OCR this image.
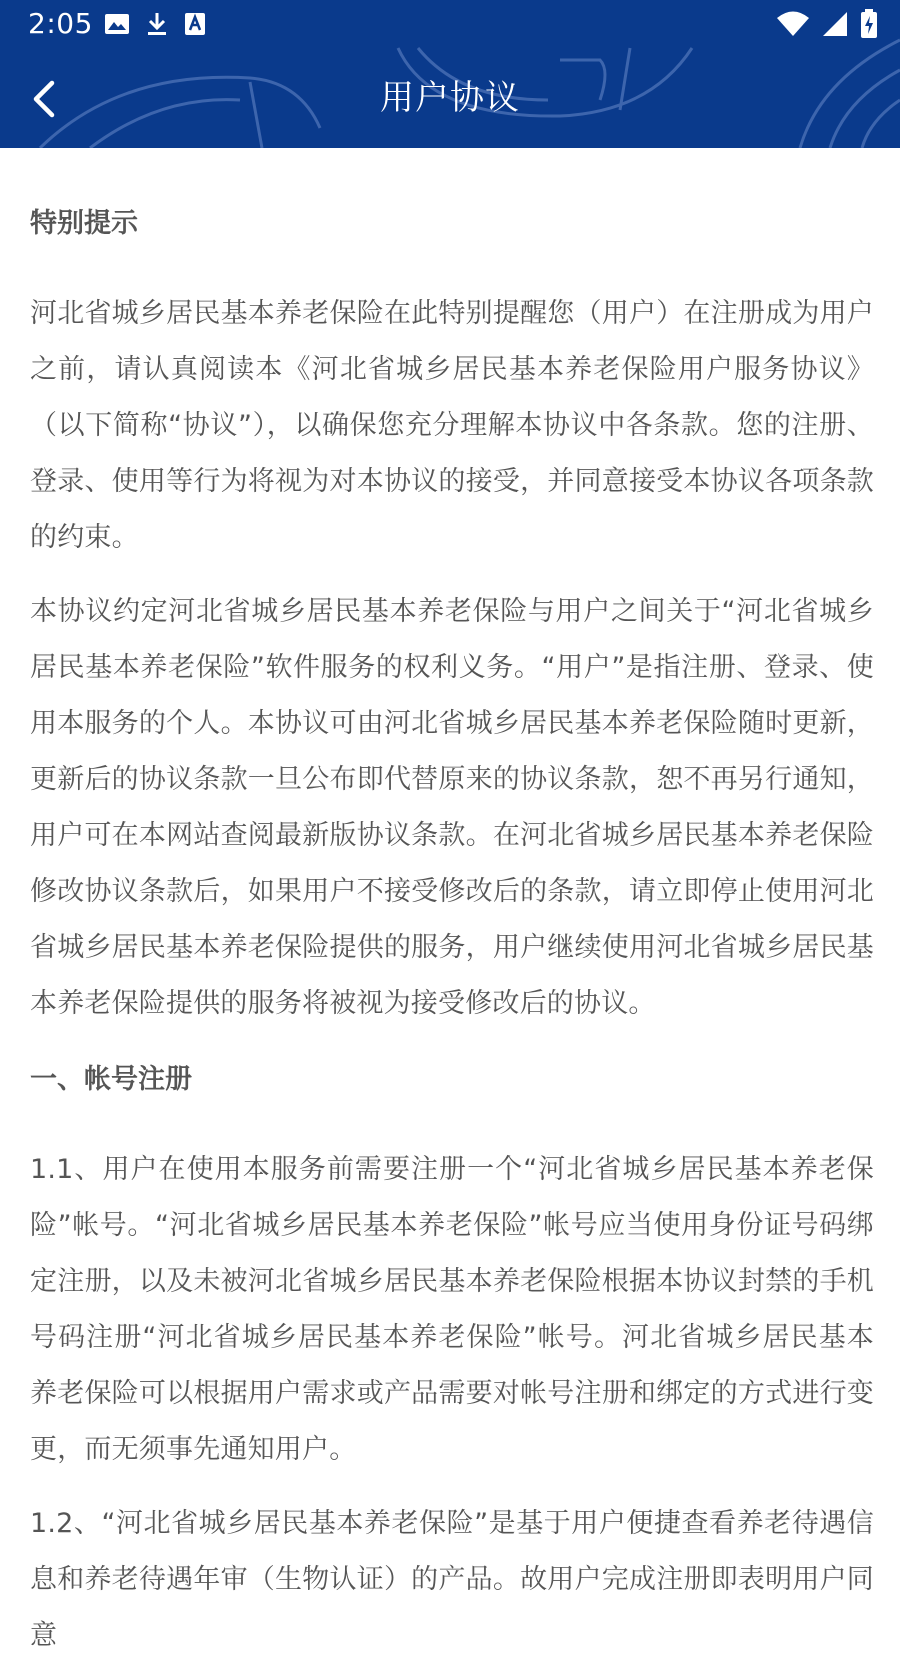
2:05
用户协议
特别提示

河北省城乡居民基本养老保险在此特别提醒您（用户）在注册成为用户之前，请认真阅读本《河北省城乡居民基本养老保险用户服务协议》（以下简称“协议”），以确保您充分理解本协议中各条款。您的注册、登录、使用等行为将视为对本协议的接受，并同意接受本协议各项条款的约束。

本协议约定河北省城乡居民基本养老保险与用户之间关于“河北省城乡居民基本养老保险”软件服务的权利义务。“用户”是指注册、登录、使用本服务的个人。本协议可由河北省城乡居民基本养老保险随时更新，更新后的协议条款一旦公布即代替原来的协议条款，恕不再另行通知，用户可在本网站查阅最新版协议条款。在河北省城乡居民基本养老保险修改协议条款后，如果用户不接受修改后的条款，请立即停止使用河北省城乡居民基本养老保险提供的服务，用户继续使用河北省城乡居民基本养老保险提供的服务将被视为接受修改后的协议。

一、帐号注册

1.1、用户在使用本服务前需要注册一个“河北省城乡居民基本养老保险”帐号。“河北省城乡居民基本养老保险”帐号应当使用身份证号码绑定注册，以及未被河北省城乡居民基本养老保险根据本协议封禁的手机号码注册“河北省城乡居民基本养老保险”帐号。河北省城乡居民基本养老保险可以根据用户需求或产品需要对帐号注册和绑定的方式进行变更，而无须事先通知用户。

1.2、“河北省城乡居民基本养老保险”是基于用户便捷查看养老待遇信息和养老待遇年审（生物认证）的产品。故用户完成注册即表明用户同意
